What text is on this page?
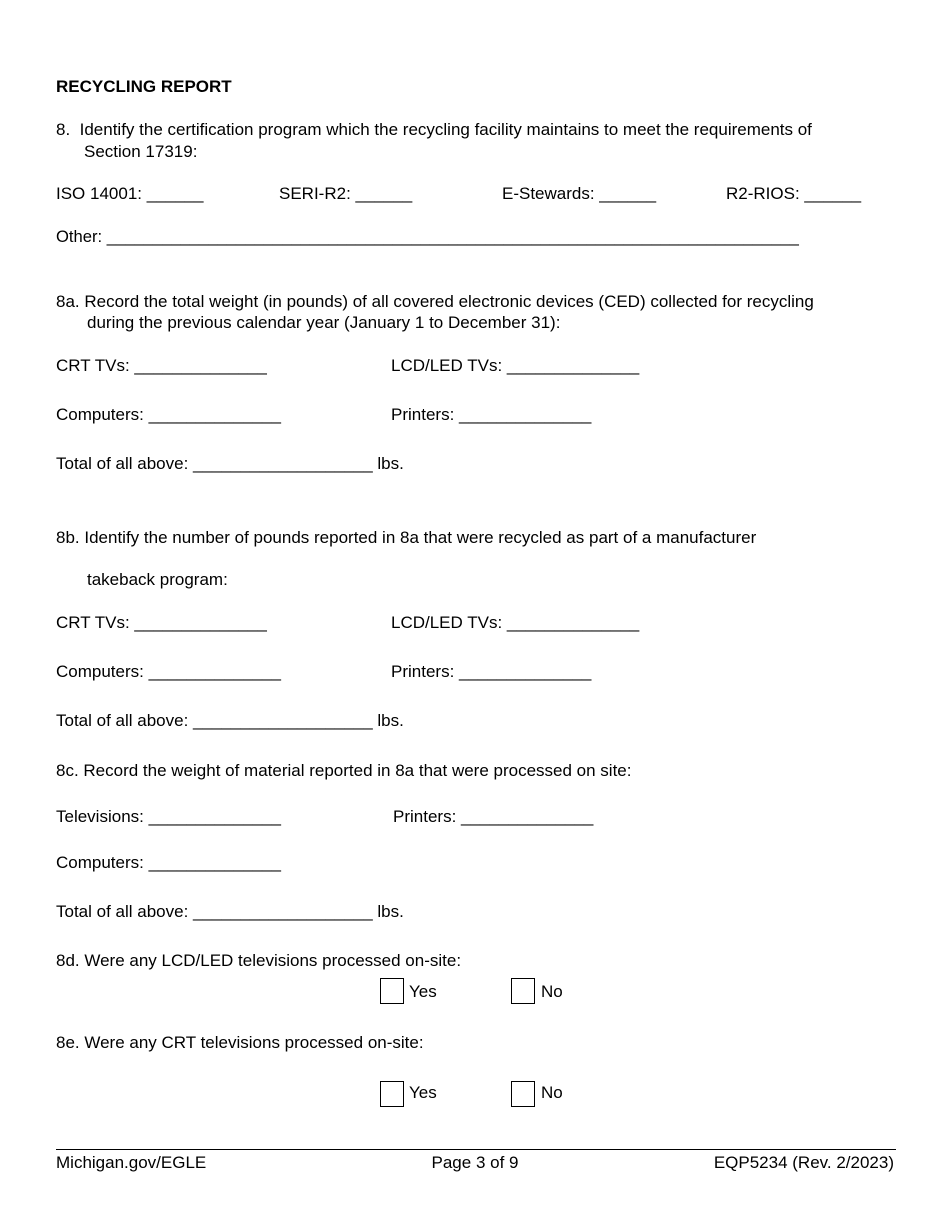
RECYCLING REPORT
8.  Identify the certification program which the recycling facility maintains to meet the requirements of
Section 17319:
ISO 14001: ______	SERI-R2: ______	E-Stewards: ______	R2-RIOS: ______
Other: ___________________________________________________________________________
8a. Record the total weight (in pounds) of all covered electronic devices (CED) collected for recycling
during the previous calendar year (January 1 to December 31):
CRT TVs: ______________	LCD/LED TVs: ______________
Computers: ______________	Printers: ______________
Total of all above: ___________________ lbs.
8b. Identify the number of pounds reported in 8a that were recycled as part of a manufacturer
takeback program:
CRT TVs: ______________	LCD/LED TVs: ______________
Computers: ______________	Printers: ______________
Total of all above: ___________________ lbs.
8c. Record the weight of material reported in 8a that were processed on site:
Televisions: ______________	Printers: ______________
Computers: ______________
Total of all above: ___________________ lbs.
8d. Were any LCD/LED televisions processed on-site:
Yes	No
8e. Were any CRT televisions processed on-site:
Yes	No
Michigan.gov/EGLE	Page 3 of 9	EQP5234 (Rev. 2/2023)
